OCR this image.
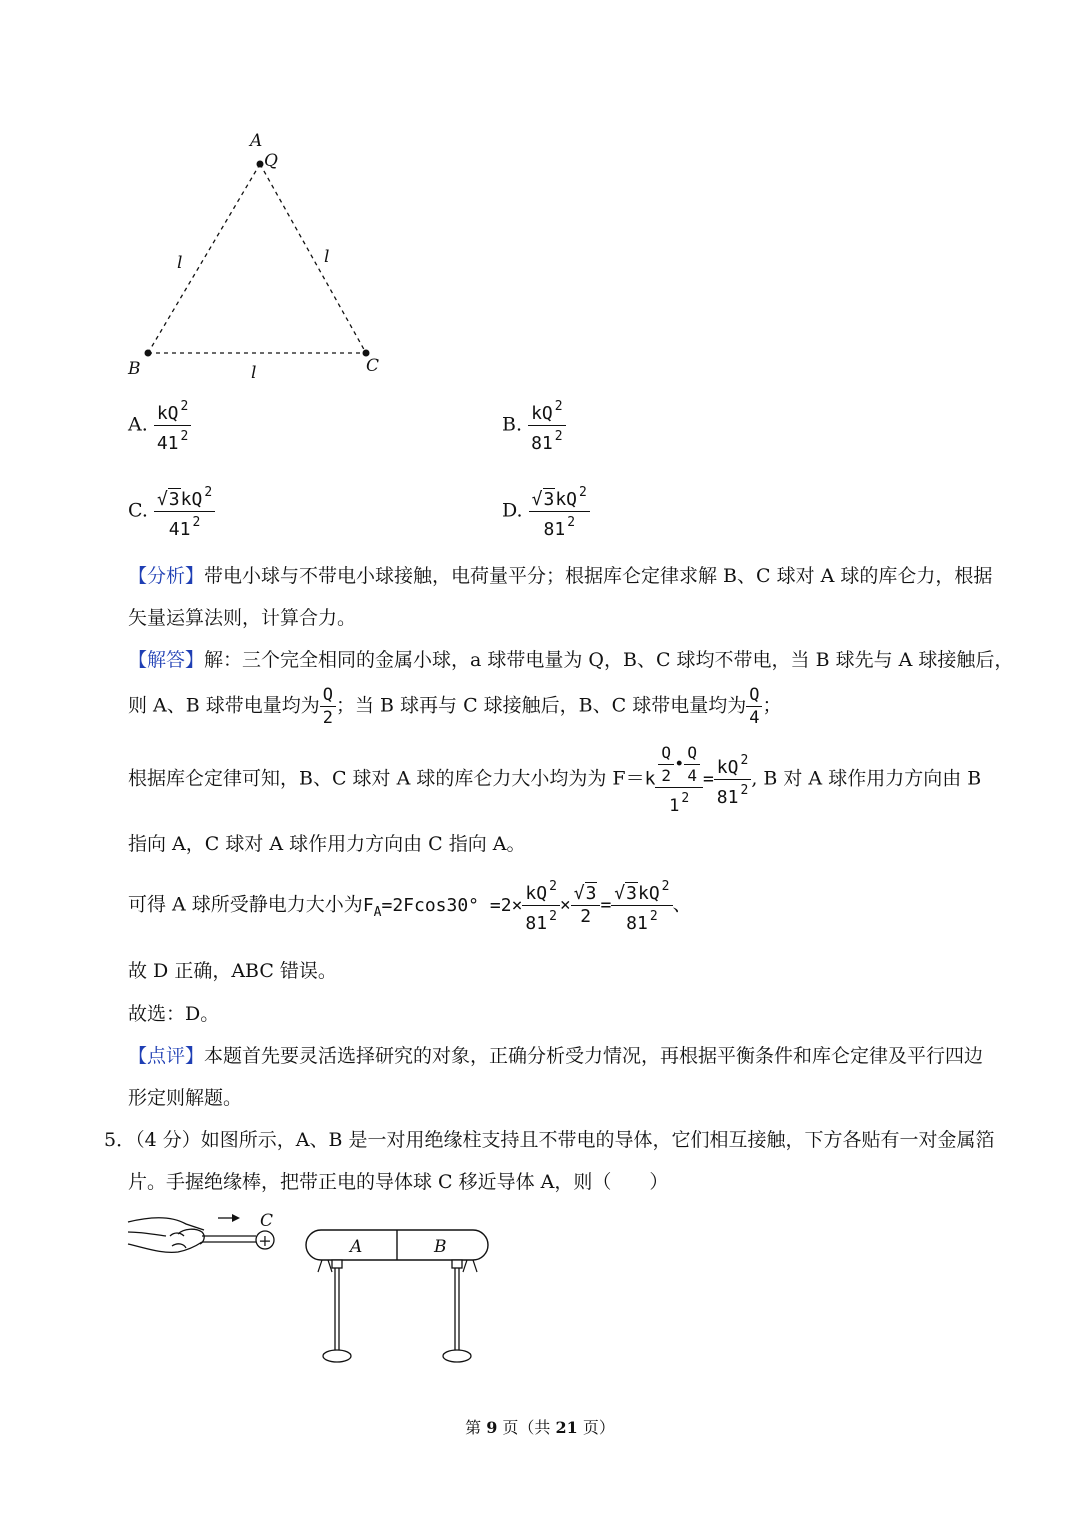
A
Q
B	C
l	l
l
A. $\frac{kQ ^2}{41 ^2}$	B. $\frac{kQ ^2}{81 ^2}$
C. $\frac{√3kQ ^2}{41 ^2}$	D. $\frac{√3kQ ^2}{81 ^2}$
【分析】带电小球与不带电小球接触，电荷量平分；根据库仑定律求解 B、C 球对 A 球的库仑力，根据
矢量运算法则，计算合力。
【解答】解：三个完全相同的金属小球，a 球带电量为 Q，B、C 球均不带电，当 B 球先与 A 球接触后，
则 A、B 球带电量均为 $\frac{Q}{2}$ ；当 B 球再与 C 球接触后，B、C 球带电量均为 $\frac{Q}{4}$ ；
根据库仑定律可知，B、C 球对 A 球的库仑力大小均为为 $F=k \frac{\frac{Q}{2} • \frac{Q}{4}}{1 ^2} = \frac{kQ ^2}{81 ^2}$ , B 对 A 球作用力方向由 B
指向 A，C 球对 A 球作用力方向由 C 指向 A。
可得 A 球所受静电力大小为$F_A=2Fcos30^\circ =2\times \frac{kQ ^2}{81 ^2} \times \frac{√3}{2} = \frac{√3kQ ^2}{81 ^2}$ 、
故 D 正确，ABC 错误。
故选：D。
【点评】本题首先要灵活选择研究的对象，正确分析受力情况，再根据平衡条件和库仑定律及平行四边
形定则解题。
5．（4 分）如图所示，A、B 是一对用绝缘柱支持且不带电的导体，它们相互接触，下方各贴有一对金属箔
片。手握绝缘棒，把带正电的导体球 C 移近导体 A，则（　　）
+
C
A	B
第 9 页（共 21 页）
